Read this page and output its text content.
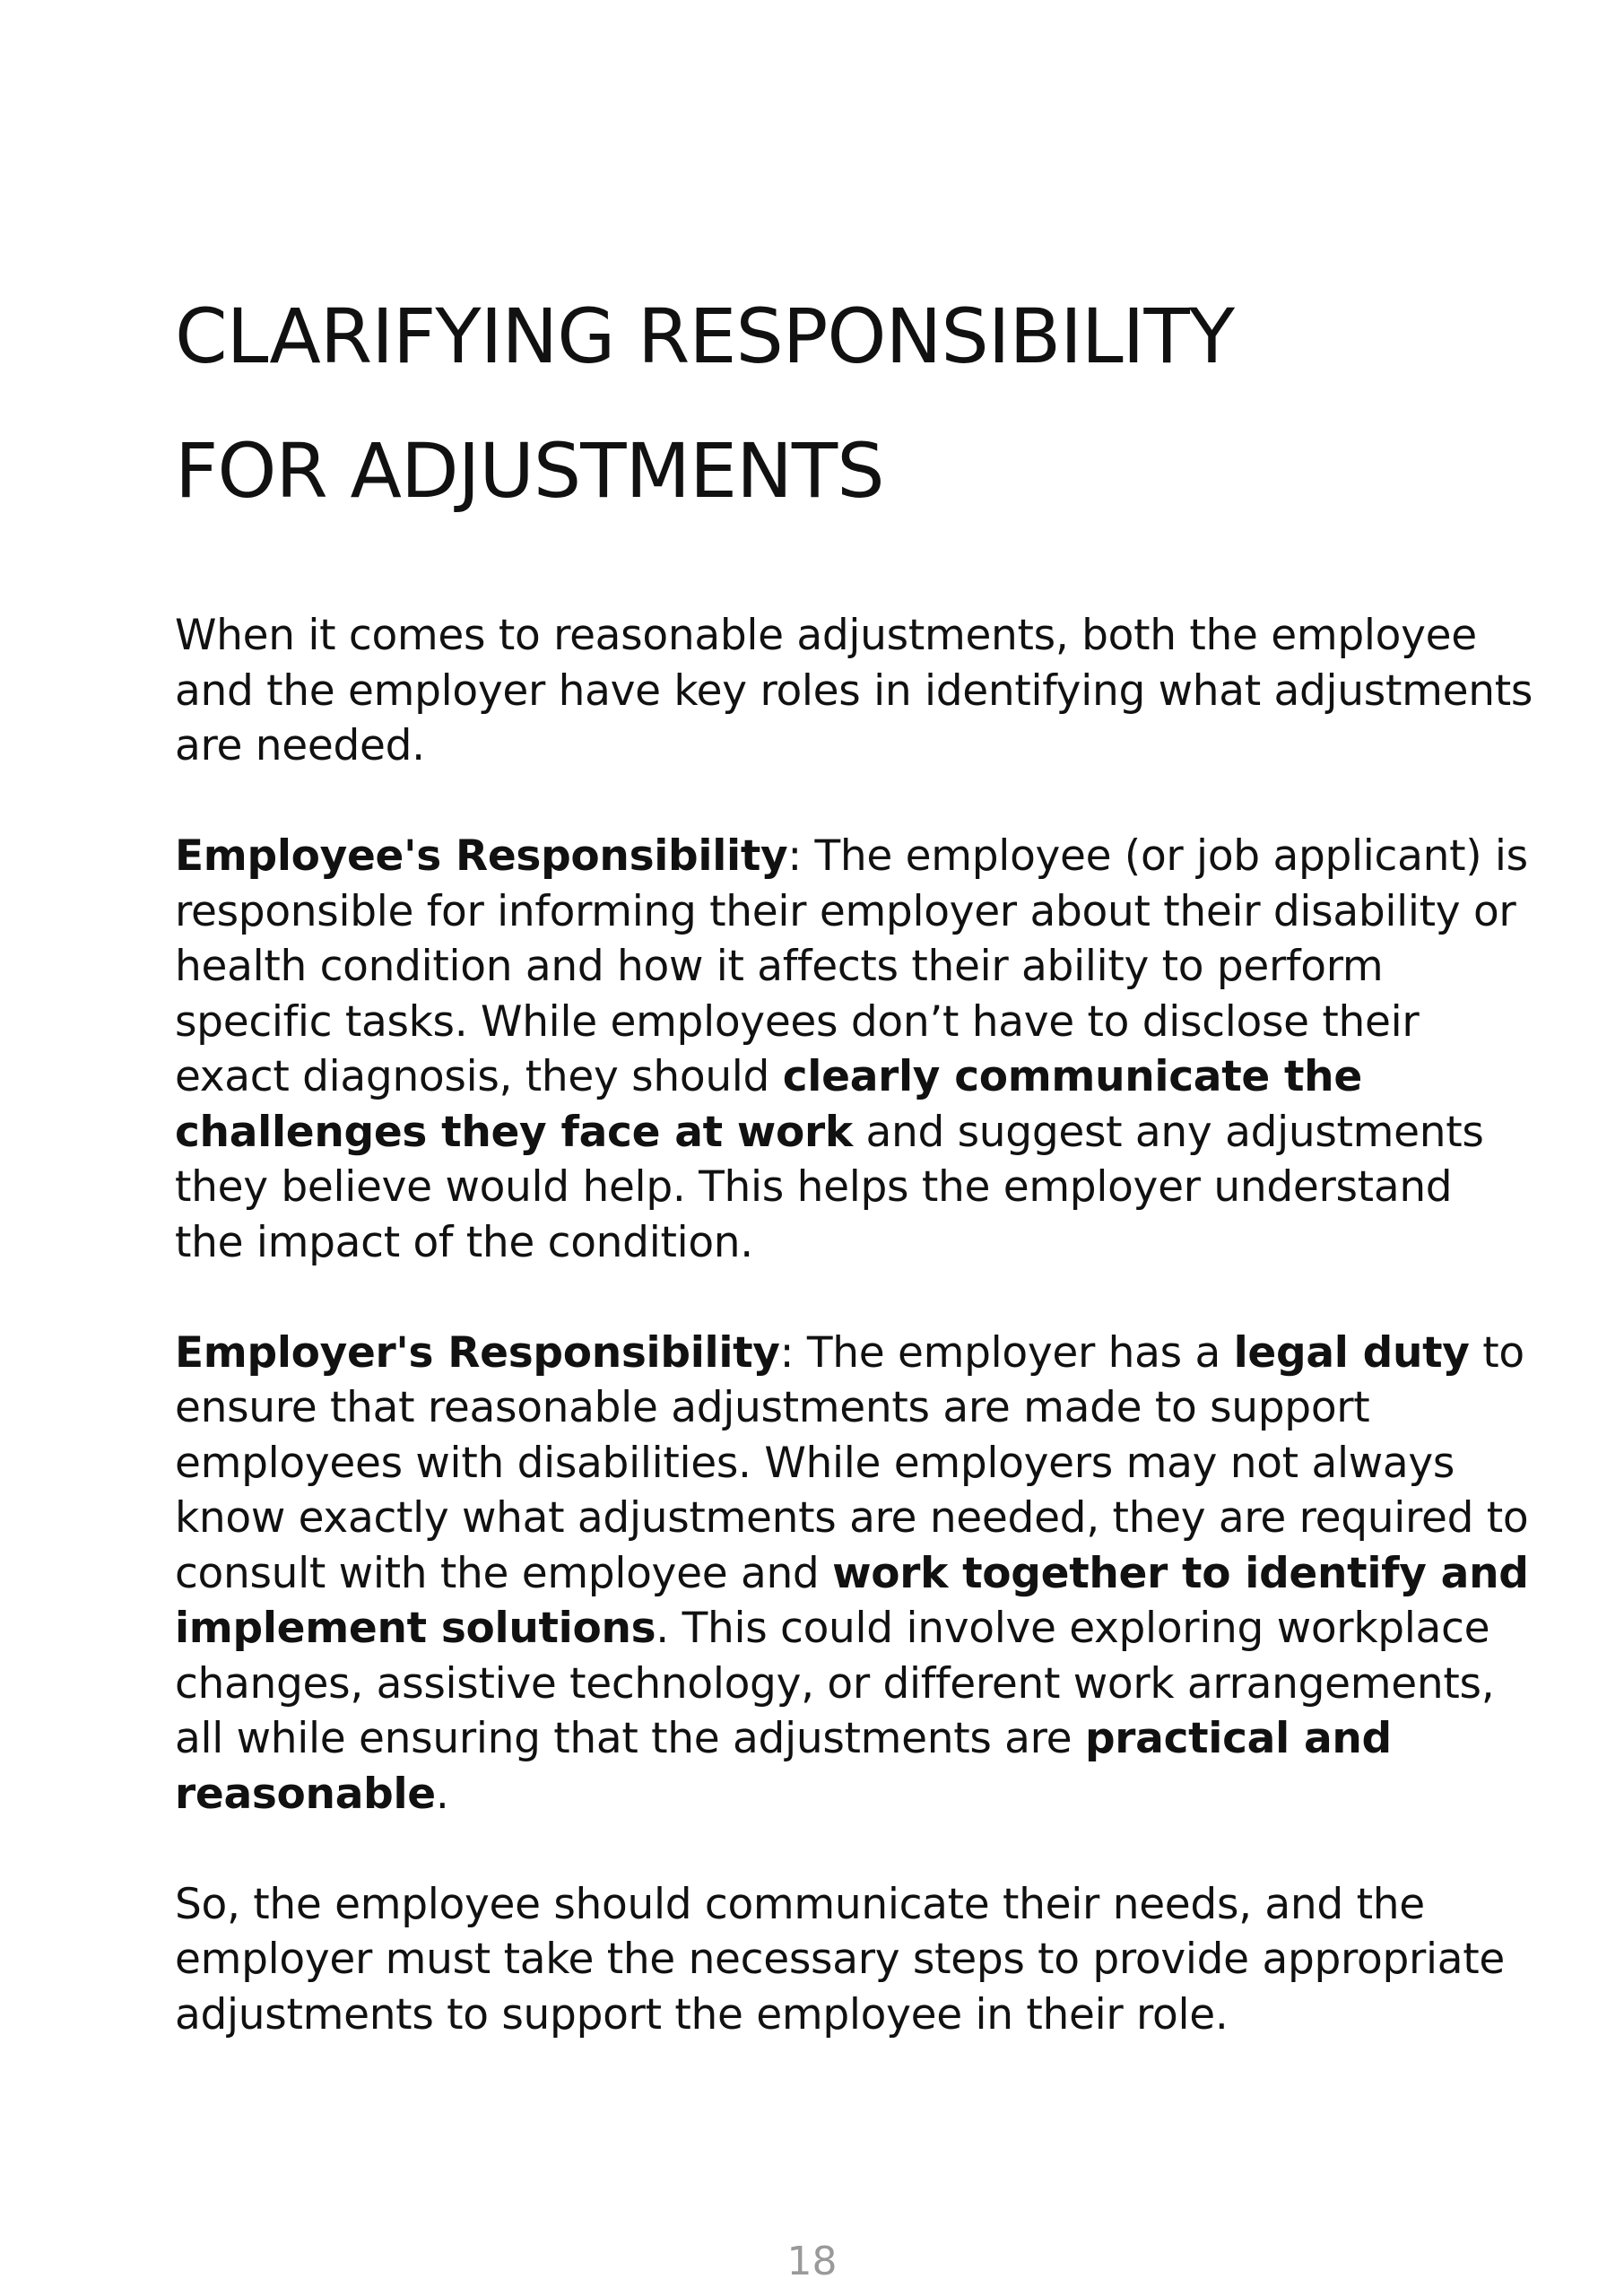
CLARIFYING RESPONSIBILITY
FOR ADJUSTMENTS

When it comes to reasonable adjustments, both the employee
and the employer have key roles in identifying what adjustments
are needed.

Employee's Responsibility: The employee (or job applicant) is
responsible for informing their employer about their disability or
health condition and how it affects their ability to perform
specific tasks. While employees don’t have to disclose their
exact diagnosis, they should clearly communicate the
challenges they face at work and suggest any adjustments
they believe would help. This helps the employer understand
the impact of the condition.

Employer's Responsibility: The employer has a legal duty to
ensure that reasonable adjustments are made to support
employees with disabilities. While employers may not always
know exactly what adjustments are needed, they are required to
consult with the employee and work together to identify and
implement solutions. This could involve exploring workplace
changes, assistive technology, or different work arrangements,
all while ensuring that the adjustments are practical and
reasonable.

So, the employee should communicate their needs, and the
employer must take the necessary steps to provide appropriate
adjustments to support the employee in their role.

18
